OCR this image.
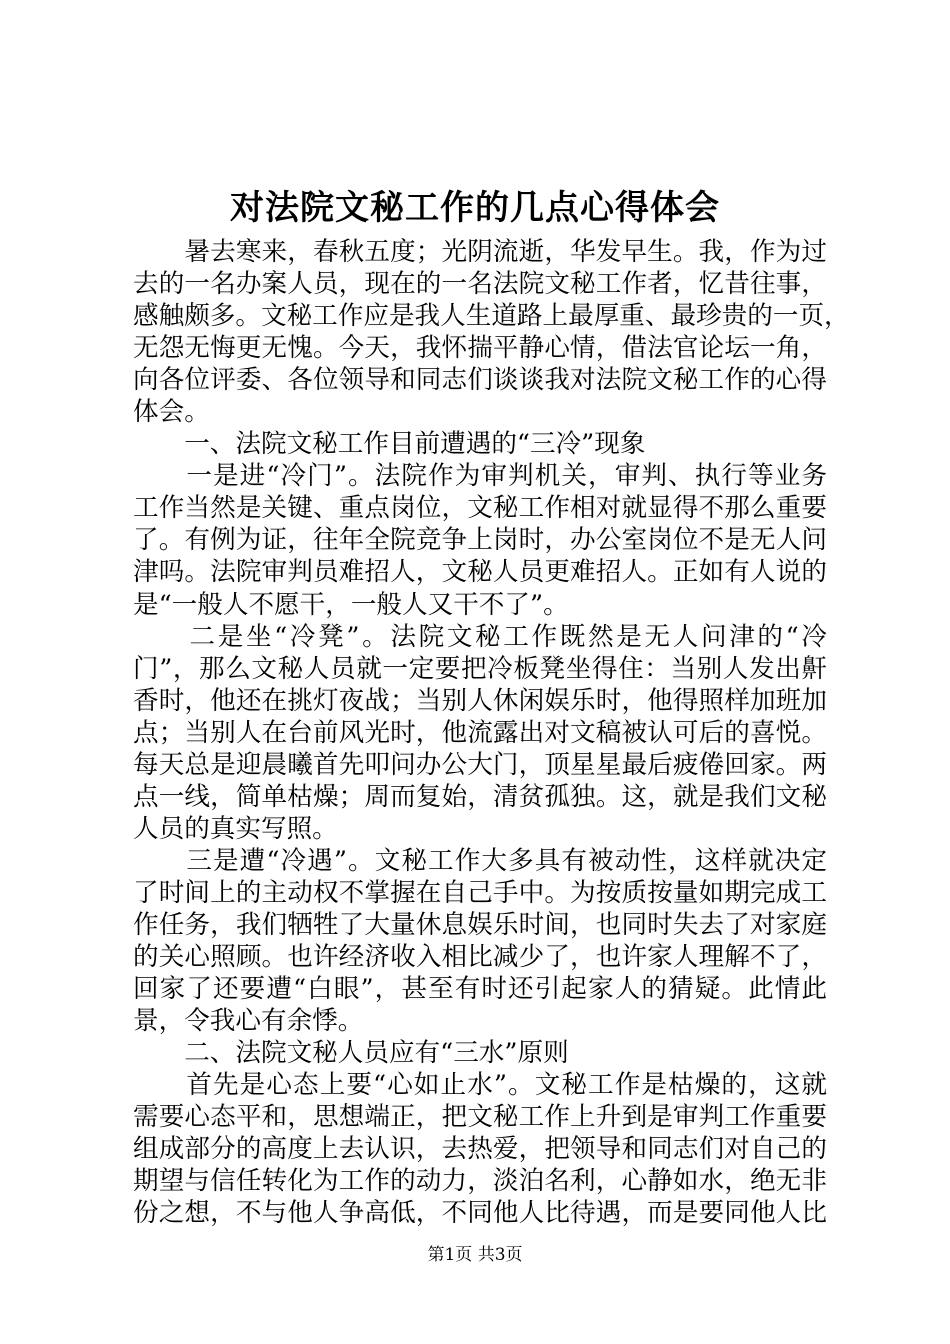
对法院文秘工作的几点心得体会
　　暑去寒来，春秋五度；光阴流逝，华发早生。我，作为过
去的一名办案人员，现在的一名法院文秘工作者，忆昔往事，
感触颇多。文秘工作应是我人生道路上最厚重、最珍贵的一页，
无怨无悔更无愧。今天，我怀揣平静心情，借法官论坛一角，
向各位评委、各位领导和同志们谈谈我对法院文秘工作的心得
体会。
　　一、法院文秘工作目前遭遇的“三冷”现象
　　一是进“冷门”。法院作为审判机关，审判、执行等业务
工作当然是关键、重点岗位，文秘工作相对就显得不那么重要
了。有例为证，往年全院竞争上岗时，办公室岗位不是无人问
津吗。法院审判员难招人，文秘人员更难招人。正如有人说的
是“一般人不愿干，一般人又干不了”。
　　二是坐“冷凳”。法院文秘工作既然是无人问津的“冷
门”，那么文秘人员就一定要把冷板凳坐得住：当别人发出鼾
香时，他还在挑灯夜战；当别人休闲娱乐时，他得照样加班加
点；当别人在台前风光时，他流露出对文稿被认可后的喜悦。
每天总是迎晨曦首先叩问办公大门，顶星星最后疲倦回家。两
点一线，简单枯燥；周而复始，清贫孤独。这，就是我们文秘
人员的真实写照。
　　三是遭“冷遇”。文秘工作大多具有被动性，这样就决定
了时间上的主动权不掌握在自己手中。为按质按量如期完成工
作任务，我们牺牲了大量休息娱乐时间，也同时失去了对家庭
的关心照顾。也许经济收入相比减少了，也许家人理解不了，
回家了还要遭“白眼”，甚至有时还引起家人的猜疑。此情此
景，令我心有余悸。
　　二、法院文秘人员应有“三水”原则
　　首先是心态上要“心如止水”。文秘工作是枯燥的，这就
需要心态平和，思想端正，把文秘工作上升到是审判工作重要
组成部分的高度上去认识，去热爱，把领导和同志们对自己的
期望与信任转化为工作的动力，淡泊名利，心静如水，绝无非
份之想，不与他人争高低，不同他人比待遇，而是要同他人比
第1页 共3页
